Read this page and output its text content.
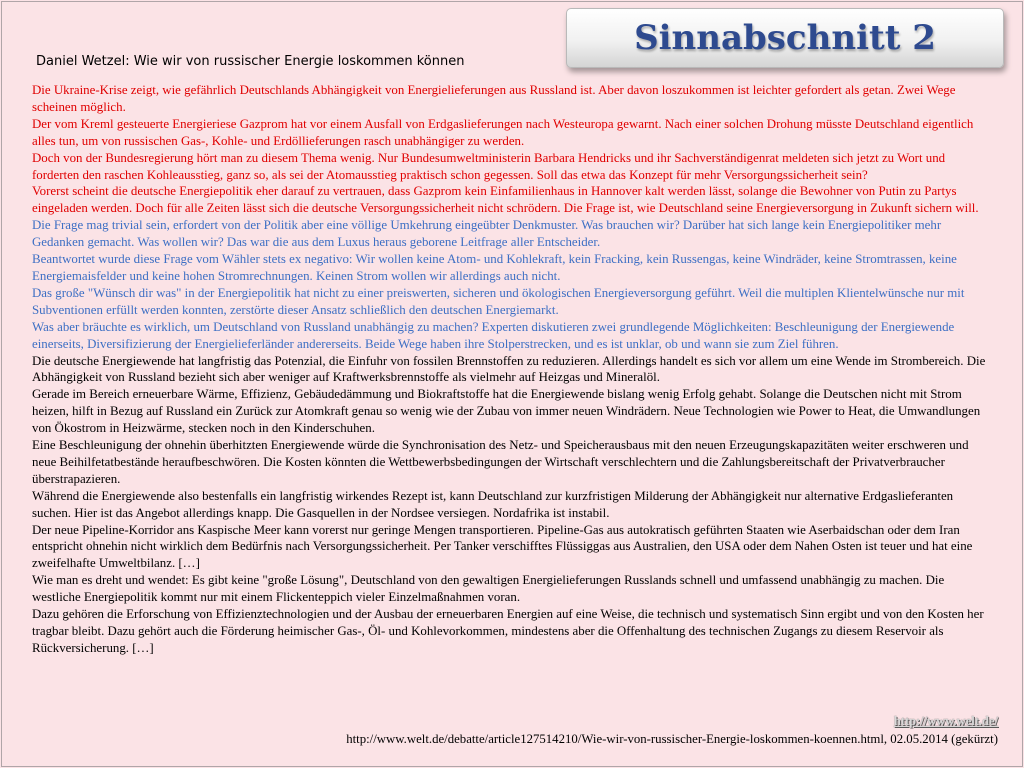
Sinnabschnitt 2
Daniel Wetzel: Wie wir von russischer Energie loskommen können

Die Ukraine-Krise zeigt, wie gefährlich Deutschlands Abhängigkeit von Energielieferungen aus Russland ist. Aber davon loszukommen ist leichter gefordert als getan. Zwei Wege scheinen möglich.

Der vom Kreml gesteuerte Energieriese Gazprom hat vor einem Ausfall von Erdgaslieferungen nach Westeuropa gewarnt. Nach einer solchen Drohung müsste Deutschland eigentlich alles tun, um von russischen Gas-, Kohle- und Erdöllieferungen rasch unabhängiger zu werden.

Doch von der Bundesregierung hört man zu diesem Thema wenig. Nur Bundesumweltministerin Barbara Hendricks und ihr Sachverständigenrat meldeten sich jetzt zu Wort und forderten den raschen Kohleausstieg, ganz so, als sei der Atomausstieg praktisch schon gegessen. Soll das etwa das Konzept für mehr Versorgungssicherheit sein?

Vorerst scheint die deutsche Energiepolitik eher darauf zu vertrauen, dass Gazprom kein Einfamilienhaus in Hannover kalt werden lässt, solange die Bewohner von Putin zu Partys eingeladen werden. Doch für alle Zeiten lässt sich die deutsche Versorgungssicherheit nicht schrödern. Die Frage ist, wie Deutschland seine Energieversorgung in Zukunft sichern will.

Die Frage mag trivial sein, erfordert von der Politik aber eine völlige Umkehrung eingeübter Denkmuster. Was brauchen wir? Darüber hat sich lange kein Energiepolitiker mehr Gedanken gemacht. Was wollen wir? Das war die aus dem Luxus heraus geborene Leitfrage aller Entscheider.

Beantwortet wurde diese Frage vom Wähler stets ex negativo: Wir wollen keine Atom- und Kohlekraft, kein Fracking, kein Russengas, keine Windräder, keine Stromtrassen, keine Energiemaisfelder und keine hohen Stromrechnungen. Keinen Strom wollen wir allerdings auch nicht.

Das große "Wünsch dir was" in der Energiepolitik hat nicht zu einer preiswerten, sicheren und ökologischen Energieversorgung geführt. Weil die multiplen Klientelwünsche nur mit Subventionen erfüllt werden konnten, zerstörte dieser Ansatz schließlich den deutschen Energiemarkt.

Was aber bräuchte es wirklich, um Deutschland von Russland unabhängig zu machen? Experten diskutieren zwei grundlegende Möglichkeiten: Beschleunigung der Energiewende einerseits, Diversifizierung der Energielieferländer andererseits. Beide Wege haben ihre Stolperstrecken, und es ist unklar, ob und wann sie zum Ziel führen.

Die deutsche Energiewende hat langfristig das Potenzial, die Einfuhr von fossilen Brennstoffen zu reduzieren. Allerdings handelt es sich vor allem um eine Wende im Strombereich. Die Abhängigkeit von Russland bezieht sich aber weniger auf Kraftwerksbrennstoffe als vielmehr auf Heizgas und Mineralöl.

Gerade im Bereich erneuerbare Wärme, Effizienz, Gebäudedämmung und Biokraftstoffe hat die Energiewende bislang wenig Erfolg gehabt. Solange die Deutschen nicht mit Strom heizen, hilft in Bezug auf Russland ein Zurück zur Atomkraft genau so wenig wie der Zubau von immer neuen Windrädern. Neue Technologien wie Power to Heat, die Umwandlungen von Ökostrom in Heizwärme, stecken noch in den Kinderschuhen.

Eine Beschleunigung der ohnehin überhitzten Energiewende würde die Synchronisation des Netz- und Speicherausbaus mit den neuen Erzeugungskapazitäten weiter erschweren und neue Beihilfetatbestände heraufbeschwören. Die Kosten könnten die Wettbewerbsbedingungen der Wirtschaft verschlechtern und die Zahlungsbereitschaft der Privatverbraucher überstrapazieren.

Während die Energiewende also bestenfalls ein langfristig wirkendes Rezept ist, kann Deutschland zur kurzfristigen Milderung der Abhängigkeit nur alternative Erdgaslieferanten suchen. Hier ist das Angebot allerdings knapp. Die Gasquellen in der Nordsee versiegen. Nordafrika ist instabil.

Der neue Pipeline-Korridor ans Kaspische Meer kann vorerst nur geringe Mengen transportieren. Pipeline-Gas aus autokratisch geführten Staaten wie Aserbaidschan oder dem Iran entspricht ohnehin nicht wirklich dem Bedürfnis nach Versorgungssicherheit. Per Tanker verschifftes Flüssiggas aus Australien, den USA oder dem Nahen Osten ist teuer und hat eine zweifelhafte Umweltbilanz. […]

Wie man es dreht und wendet: Es gibt keine "große Lösung", Deutschland von den gewaltigen Energielieferungen Russlands schnell und umfassend unabhängig zu machen. Die westliche Energiepolitik kommt nur mit einem Flickenteppich vieler Einzelmaßnahmen voran.

Dazu gehören die Erforschung von Effizienztechnologien und der Ausbau der erneuerbaren Energien auf eine Weise, die technisch und systematisch Sinn ergibt und von den Kosten her tragbar bleibt. Dazu gehört auch die Förderung heimischer Gas-, Öl- und Kohlevorkommen, mindestens aber die Offenhaltung des technischen Zugangs zu diesem Reservoir als Rückversicherung. […]

http://www.welt.de/
http://www.welt.de/debatte/article127514210/Wie-wir-von-russischer-Energie-loskommen-koennen.html, 02.05.2014 (gekürzt)
